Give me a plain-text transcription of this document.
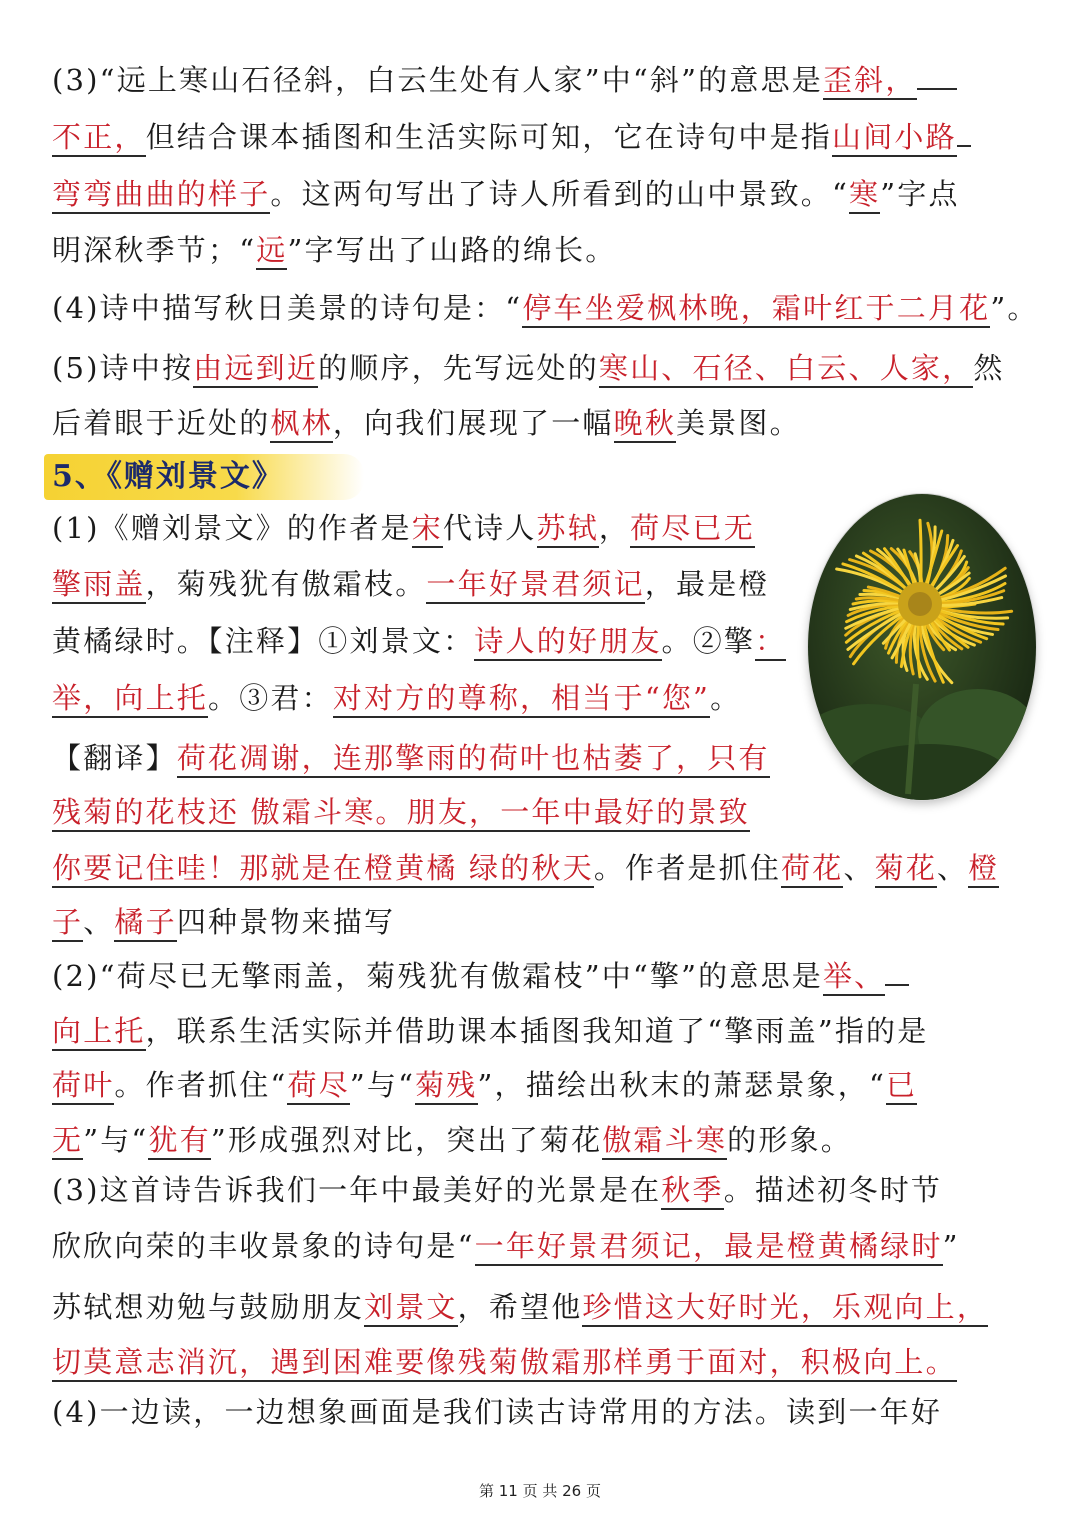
(3)“远上寒山石径斜，白云生处有人家”中“斜”的意思是歪斜，
不正，但结合课本插图和生活实际可知，它在诗句中是指山间小路
弯弯曲曲的样子。这两句写出了诗人所看到的山中景致。“寒”字点
明深秋季节；“远”字写出了山路的绵长。
(4)诗中描写秋日美景的诗句是：“停车坐爱枫林晚，霜叶红于二月花”。
(5)诗中按由远到近的顺序，先写远处的寒山、石径、白云、人家，然
后着眼于近处的枫林，向我们展现了一幅晚秋美景图。
5、《赠刘景文》
(1)《赠刘景文》的作者是宋代诗人苏轼，荷尽已无
擎雨盖，菊残犹有傲霜枝。一年好景君须记，最是橙
黄橘绿时。【注释】①刘景文：诗人的好朋友。②擎：
举，向上托。③君：对对方的尊称，相当于“您”。
【翻译】荷花凋谢，连那擎雨的荷叶也枯萎了，只有
残菊的花枝还 傲霜斗寒。朋友，一年中最好的景致
你要记住哇！那就是在橙黄橘 绿的秋天。作者是抓住荷花、菊花、橙
子、橘子四种景物来描写
(2)“荷尽已无擎雨盖，菊残犹有傲霜枝”中“擎”的意思是举、
向上托，联系生活实际并借助课本插图我知道了“擎雨盖”指的是
荷叶。作者抓住“荷尽”与“菊残”，描绘出秋末的萧瑟景象，“已
无”与“犹有”形成强烈对比，突出了菊花傲霜斗寒的形象。
(3)这首诗告诉我们一年中最美好的光景是在秋季。描述初冬时节
欣欣向荣的丰收景象的诗句是“一年好景君须记，最是橙黄橘绿时”
苏轼想劝勉与鼓励朋友刘景文，希望他珍惜这大好时光，乐观向上，
切莫意志消沉，遇到困难要像残菊傲霜那样勇于面对，积极向上。
(4)一边读，一边想象画面是我们读古诗常用的方法。读到一年好
第 11 页 共 26 页
